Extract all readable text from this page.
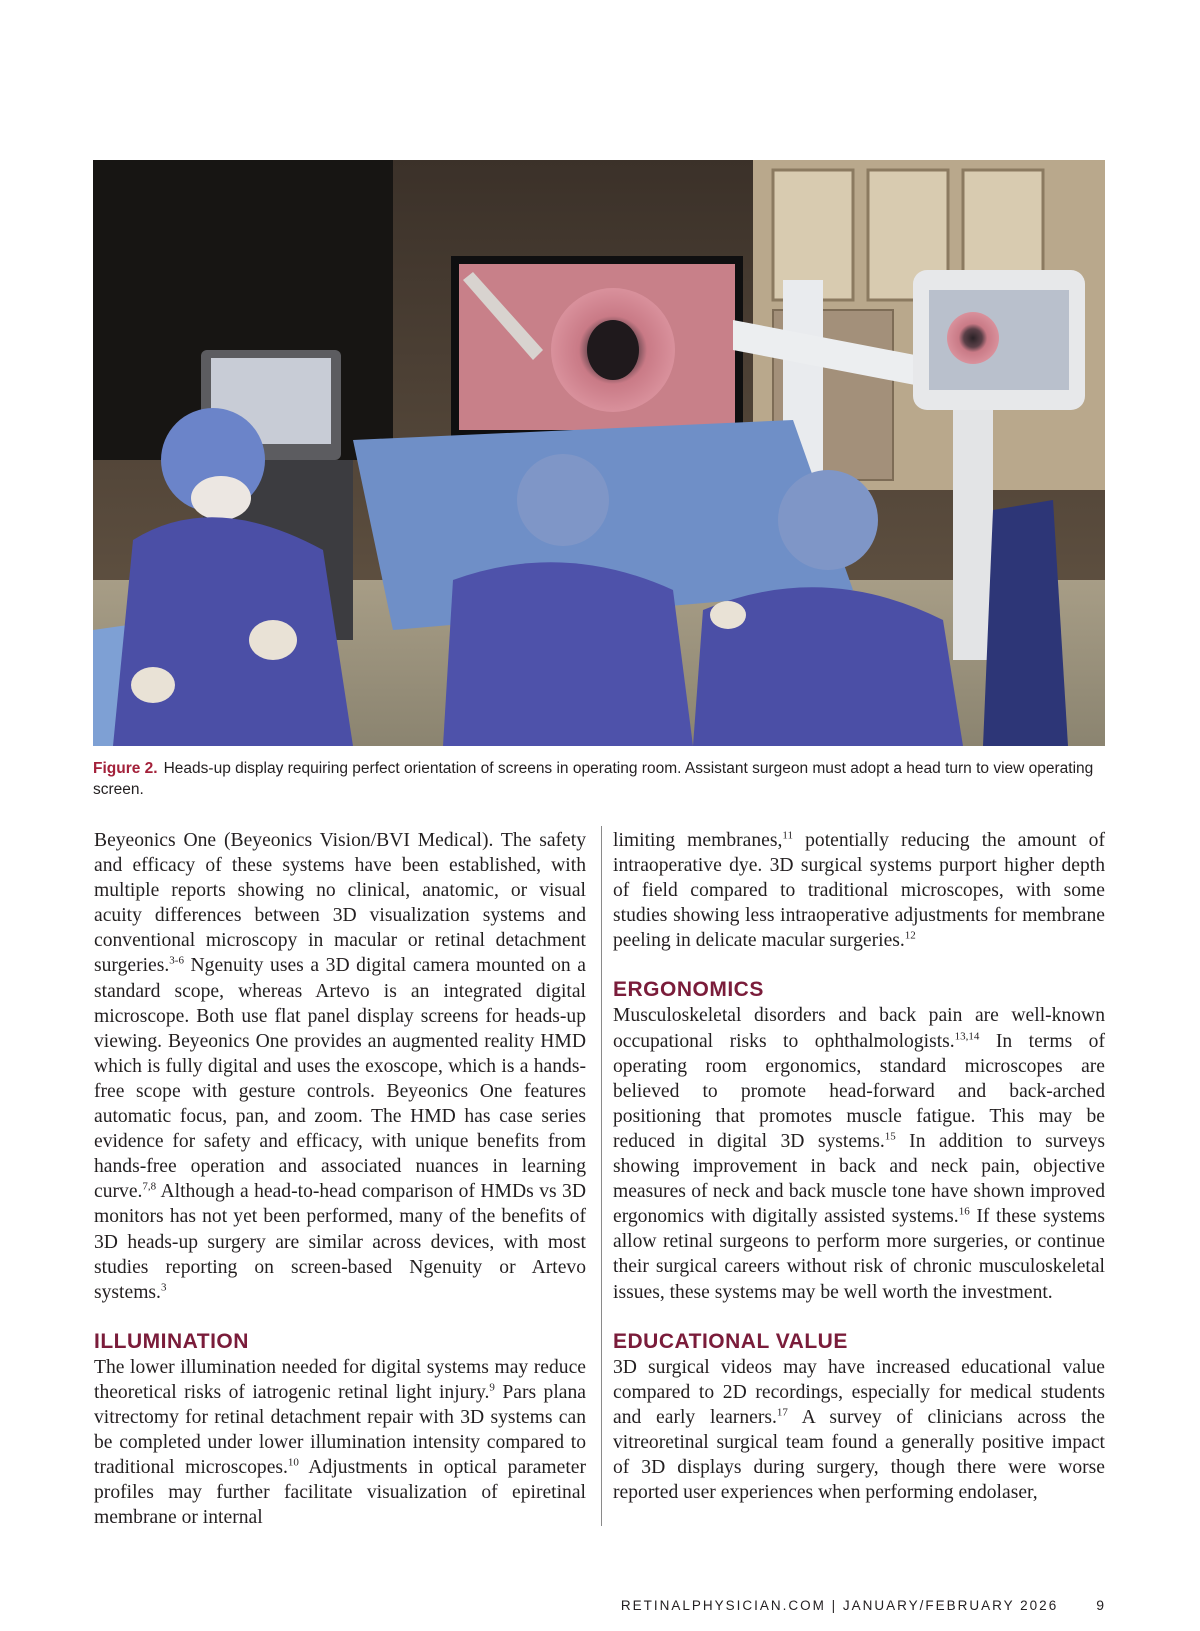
Figure 2. Heads-up display requiring perfect orientation of screens in operating room. Assistant surgeon must adopt a head turn to view operating screen.

Beyeonics One (Beyeonics Vision/BVI Medical). The safety and efficacy of these systems have been established, with multiple reports showing no clinical, anatomic, or visual acuity differences between 3D visualization systems and conventional microscopy in macular or retinal detachment surgeries.$^{3-6}$ Ngenuity uses a 3D digital camera mounted on a standard scope, whereas Artevo is an integrated digital microscope. Both use flat panel display screens for heads-up viewing. Beyeonics One provides an augmented reality HMD which is fully digital and uses the exoscope, which is a hands-free scope with gesture controls. Beyeonics One features automatic focus, pan, and zoom. The HMD has case series evidence for safety and efficacy, with unique benefits from hands-free operation and associated nuances in learning curve.$^{7,8}$ Although a head-to-head comparison of HMDs vs 3D monitors has not yet been performed, many of the benefits of 3D heads-up surgery are similar across devices, with most studies reporting on screen-based Ngenuity or Artevo systems.$^3$

ILLUMINATION

The lower illumination needed for digital systems may reduce theoretical risks of iatrogenic retinal light injury.$^9$ Pars plana vitrectomy for retinal detachment repair with 3D systems can be completed under lower illumination intensity compared to traditional microscopes.$^{10}$ Adjustments in optical parameter profiles may further facilitate visualization of epiretinal membrane or internal

limiting membranes,$^{11}$ potentially reducing the amount of intraoperative dye. 3D surgical systems purport higher depth of field compared to traditional microscopes, with some studies showing less intraoperative adjustments for membrane peeling in delicate macular surgeries.$^{12}$

ERGONOMICS

Musculoskeletal disorders and back pain are well-known occupational risks to ophthalmologists.$^{13,14}$ In terms of operating room ergonomics, standard microscopes are believed to promote head-forward and back-arched positioning that promotes muscle fatigue. This may be reduced in digital 3D systems.$^{15}$ In addition to surveys showing improvement in back and neck pain, objective measures of neck and back muscle tone have shown improved ergonomics with digitally assisted systems.$^{16}$ If these systems allow retinal surgeons to perform more surgeries, or continue their surgical careers without risk of chronic musculoskeletal issues, these systems may be well worth the investment.

EDUCATIONAL VALUE

3D surgical videos may have increased educational value compared to 2D recordings, especially for medical students and early learners.$^{17}$ A survey of clinicians across the vitreoretinal surgical team found a generally positive impact of 3D displays during surgery, though there were worse reported user experiences when performing endolaser,

RETINALPHYSICIAN.COM | JANUARY/FEBRUARY 2026	9
